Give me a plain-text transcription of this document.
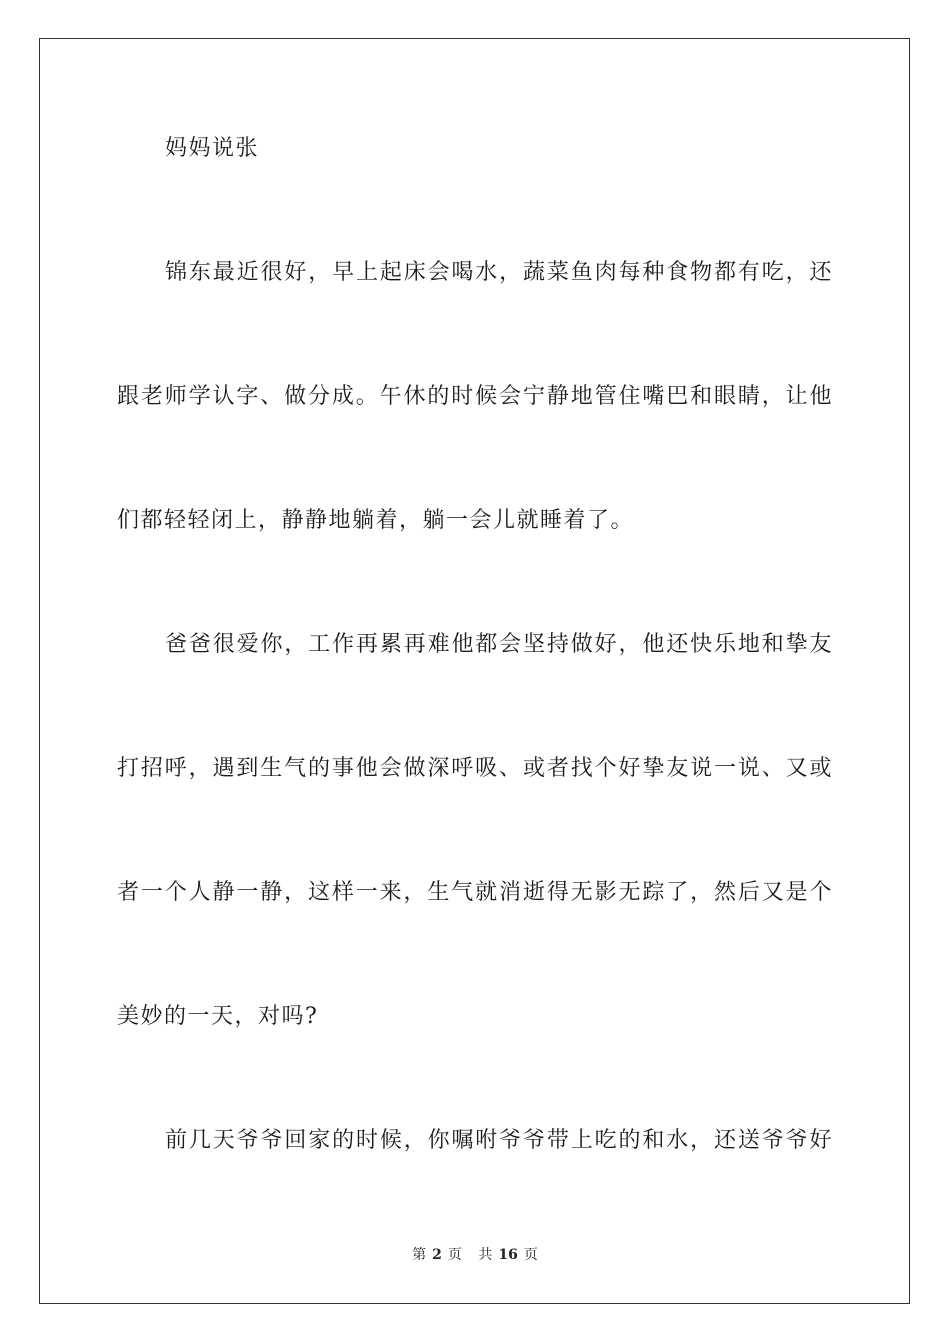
妈妈说张
锦东最近很好，早上起床会喝水，蔬菜鱼肉每种食物都有吃，还
跟老师学认字、做分成。午休的时候会宁静地管住嘴巴和眼睛，让他
们都轻轻闭上，静静地躺着，躺一会儿就睡着了。
爸爸很爱你，工作再累再难他都会坚持做好，他还快乐地和挚友
打招呼，遇到生气的事他会做深呼吸、或者找个好挚友说一说、又或
者一个人静一静，这样一来，生气就消逝得无影无踪了，然后又是个
美妙的一天，对吗?
前几天爷爷回家的时候，你嘱咐爷爷带上吃的和水，还送爷爷好
第 2 页 共 16 页
